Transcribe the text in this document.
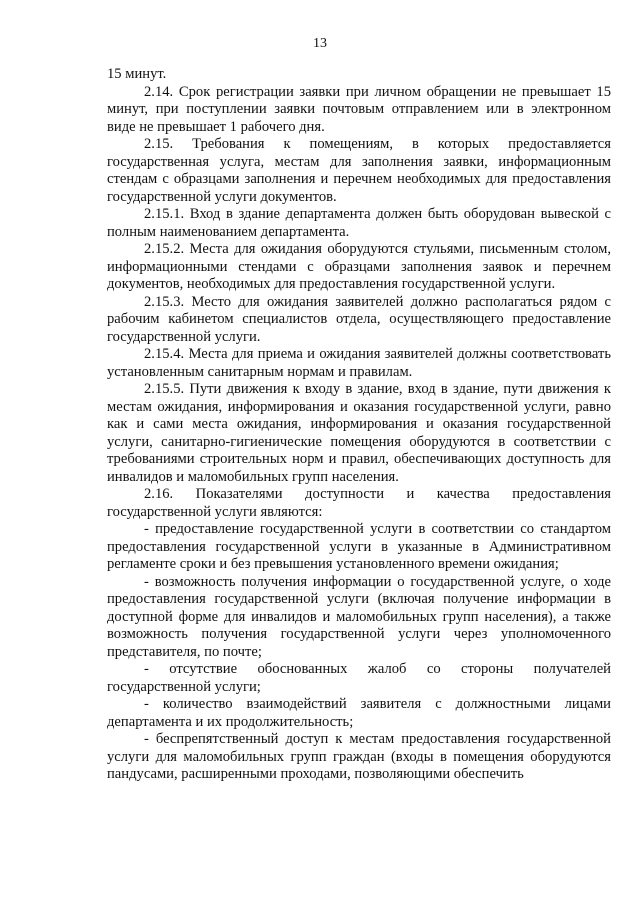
13

15 минут.

2.14. Срок регистрации заявки при личном обращении не превышает 15 минут, при поступлении заявки почтовым отправлением или в электронном виде не превышает 1 рабочего дня.

2.15. Требования к помещениям, в которых предоставляется государственная услуга, местам для заполнения заявки, информационным стендам с образцами заполнения и перечнем необходимых для предоставления государственной услуги документов.

2.15.1. Вход в здание департамента должен быть оборудован вывеской с полным наименованием департамента.

2.15.2. Места для ожидания оборудуются стульями, письменным столом, информационными стендами с образцами заполнения заявок и перечнем документов, необходимых для предоставления государственной услуги.

2.15.3. Место для ожидания заявителей должно располагаться рядом с рабочим кабинетом специалистов отдела, осуществляющего предоставление государственной услуги.

2.15.4. Места для приема и ожидания заявителей должны соответствовать установленным санитарным нормам и правилам.

2.15.5. Пути движения к входу в здание, вход в здание, пути движения к местам ожидания, информирования и оказания государственной услуги, равно как и сами места ожидания, информирования и оказания государственной услуги, санитарно-гигиенические помещения оборудуются в соответствии с требованиями строительных норм и правил, обеспечивающих доступность для инвалидов и маломобильных групп населения.

2.16. Показателями доступности и качества предоставления государственной услуги являются:

- предоставление государственной услуги в соответствии со стандартом предоставления государственной услуги в указанные в Административном регламенте сроки и без превышения установленного времени ожидания;

- возможность получения информации о государственной услуге, о ходе предоставления государственной услуги (включая получение информации в доступной форме для инвалидов и маломобильных групп населения), а также возможность получения государственной услуги через уполномоченного представителя, по почте;

- отсутствие обоснованных жалоб со стороны получателей государственной услуги;

- количество взаимодействий заявителя с должностными лицами департамента и их продолжительность;

- беспрепятственный доступ к местам предоставления государственной услуги для маломобильных групп граждан (входы в помещения оборудуются пандусами, расширенными проходами, позволяющими обеспечить
